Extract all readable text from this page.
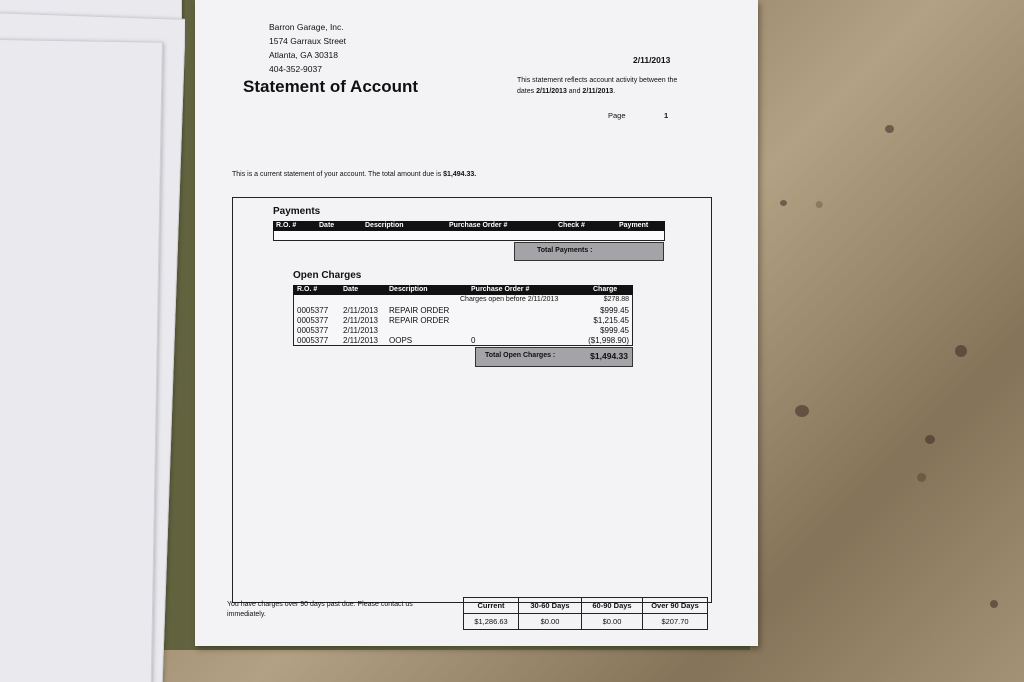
Barron Garage, Inc.
1574 Garraux Street
Atlanta, GA 30318
404-352-9037
2/11/2013
Statement of Account	This statement reflects account activity between the
dates 2/11/2013 and 2/11/2013.
Page	1
This is a current statement of your account. The total amount due is $1,494.33.
Payments
R.O. #	Date	Description	Purchase Order #	Check #	Payment
Total Payments :
Open Charges
R.O. #	Date	Description	Purchase Order #	Charge
Charges open before 2/11/2013	$278.88
0005377 2/11/2013 REPAIR ORDER	$999.45
0005377 2/11/2013 REPAIR ORDER	$1,215.45
0005377 2/11/2013	$999.45
0005377 2/11/2013 OOPS	0	($1,998.90)
Total Open Charges :	$1,494.33
You have charges over 90 days past due. Please contact us
immediately.
Current	30-60 Days	60-90 Days	Over 90 Days
$1,286.63	$0.00	$0.00	$207.70
